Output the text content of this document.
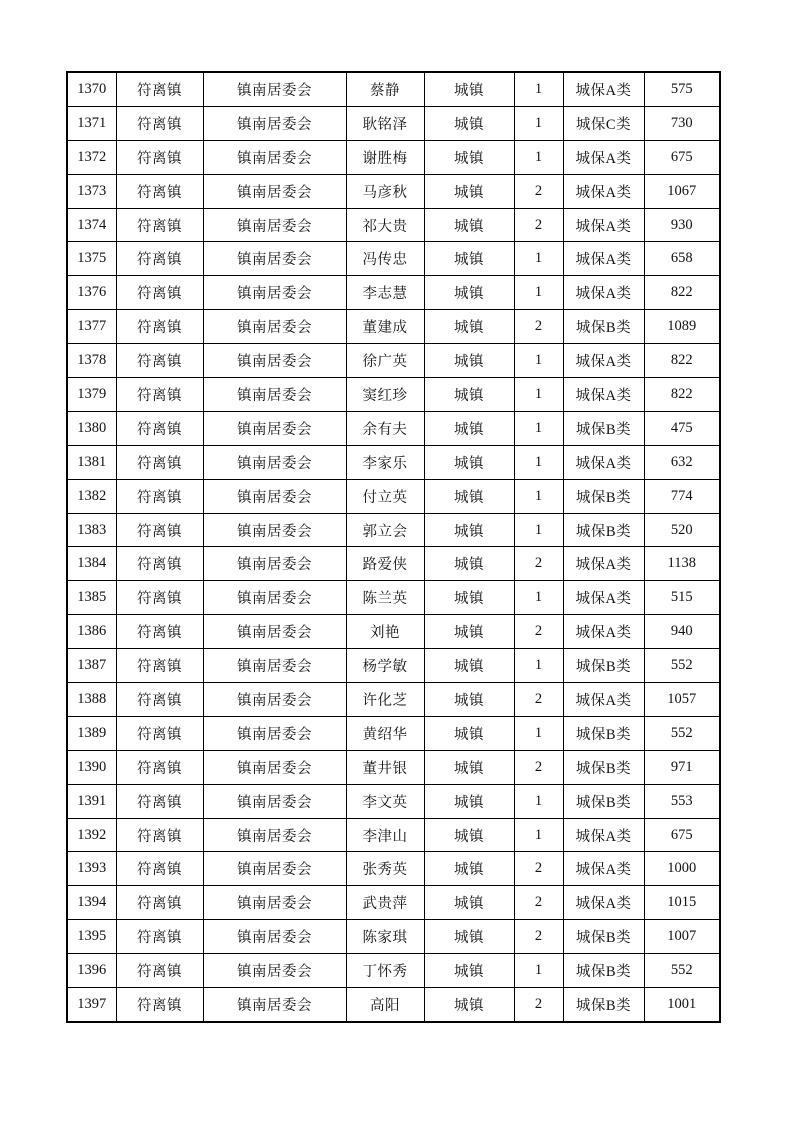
1370	符离镇	镇南居委会	蔡静	城镇	1	城保A类	575
1371	符离镇	镇南居委会	耿铭泽	城镇	1	城保C类	730
1372	符离镇	镇南居委会	谢胜梅	城镇	1	城保A类	675
1373	符离镇	镇南居委会	马彦秋	城镇	2	城保A类	1067
1374	符离镇	镇南居委会	祁大贵	城镇	2	城保A类	930
1375	符离镇	镇南居委会	冯传忠	城镇	1	城保A类	658
1376	符离镇	镇南居委会	李志慧	城镇	1	城保A类	822
1377	符离镇	镇南居委会	董建成	城镇	2	城保B类	1089
1378	符离镇	镇南居委会	徐广英	城镇	1	城保A类	822
1379	符离镇	镇南居委会	窦红珍	城镇	1	城保A类	822
1380	符离镇	镇南居委会	余有夫	城镇	1	城保B类	475
1381	符离镇	镇南居委会	李家乐	城镇	1	城保A类	632
1382	符离镇	镇南居委会	付立英	城镇	1	城保B类	774
1383	符离镇	镇南居委会	郭立会	城镇	1	城保B类	520
1384	符离镇	镇南居委会	路爱侠	城镇	2	城保A类	1138
1385	符离镇	镇南居委会	陈兰英	城镇	1	城保A类	515
1386	符离镇	镇南居委会	刘艳	城镇	2	城保A类	940
1387	符离镇	镇南居委会	杨学敏	城镇	1	城保B类	552
1388	符离镇	镇南居委会	许化芝	城镇	2	城保A类	1057
1389	符离镇	镇南居委会	黄绍华	城镇	1	城保B类	552
1390	符离镇	镇南居委会	董井银	城镇	2	城保B类	971
1391	符离镇	镇南居委会	李文英	城镇	1	城保B类	553
1392	符离镇	镇南居委会	李津山	城镇	1	城保A类	675
1393	符离镇	镇南居委会	张秀英	城镇	2	城保A类	1000
1394	符离镇	镇南居委会	武贵萍	城镇	2	城保A类	1015
1395	符离镇	镇南居委会	陈家琪	城镇	2	城保B类	1007
1396	符离镇	镇南居委会	丁怀秀	城镇	1	城保B类	552
1397	符离镇	镇南居委会	高阳	城镇	2	城保B类	1001
